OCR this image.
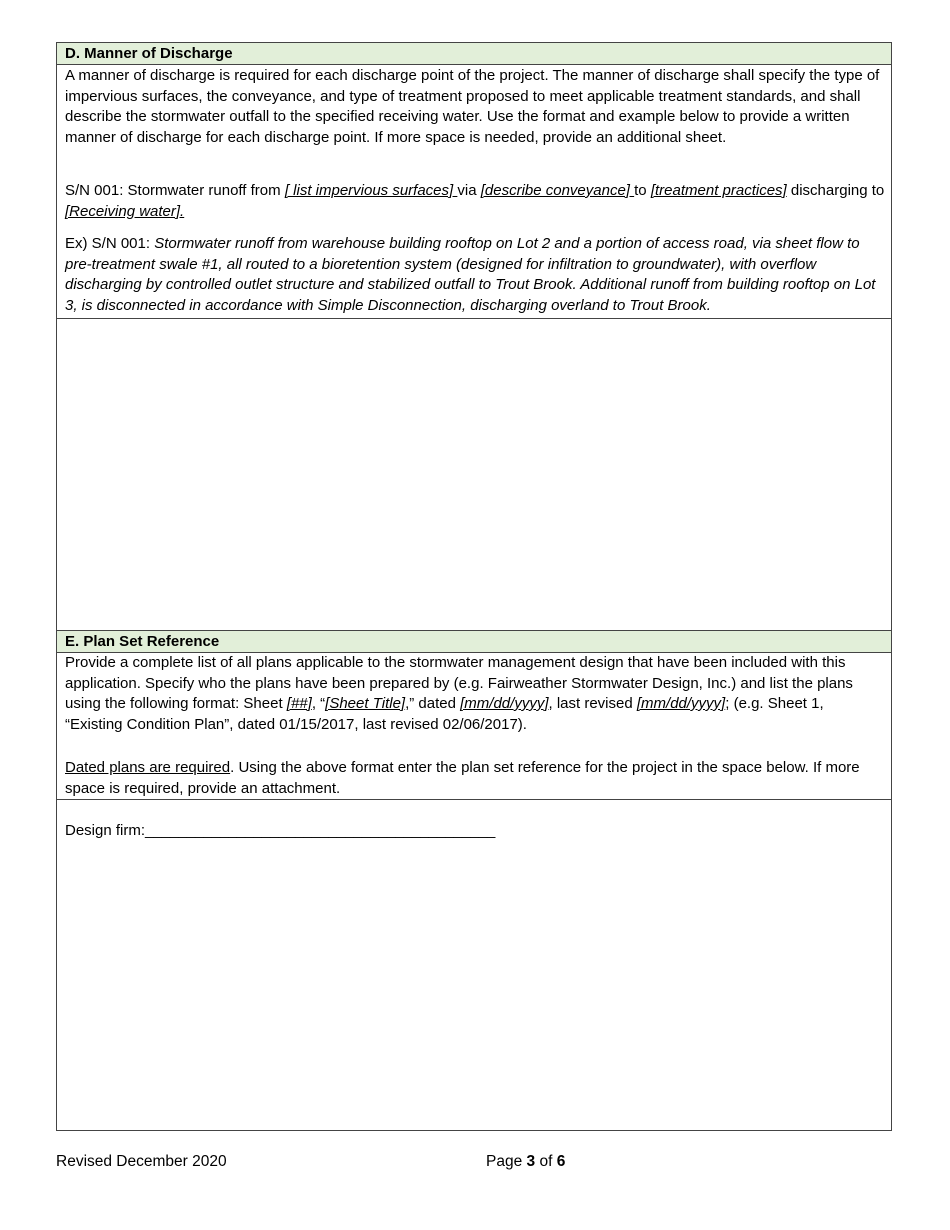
D. Manner of Discharge
A manner of discharge is required for each discharge point of the project. The manner of discharge shall specify the type of impervious surfaces, the conveyance, and type of treatment proposed to meet applicable treatment standards, and shall describe the stormwater outfall to the specified receiving water. Use the format and example below to provide a written manner of discharge for each discharge point. If more space is needed, provide an additional sheet.
S/N 001: Stormwater runoff from [ list impervious surfaces] via [describe conveyance] to [treatment practices] discharging to [Receiving water].
Ex) S/N 001: Stormwater runoff from warehouse building rooftop on Lot 2 and a portion of access road, via sheet flow to pre-treatment swale #1, all routed to a bioretention system (designed for infiltration to groundwater), with overflow discharging by controlled outlet structure and stabilized outfall to Trout Brook. Additional runoff from building rooftop on Lot 3, is disconnected in accordance with Simple Disconnection, discharging overland to Trout Brook.
E. Plan Set Reference
Provide a complete list of all plans applicable to the stormwater management design that have been included with this application. Specify who the plans have been prepared by (e.g. Fairweather Stormwater Design, Inc.) and list the plans using the following format: Sheet [##], “[Sheet Title],” dated [mm/dd/yyyy], last revised [mm/dd/yyyy]; (e.g. Sheet 1, “Existing Condition Plan”, dated 01/15/2017, last revised 02/06/2017).
Dated plans are required. Using the above format enter the plan set reference for the project in the space below. If more space is required, provide an attachment.
Design firm:__________________________________________
Revised December 2020	Page 3 of 6
